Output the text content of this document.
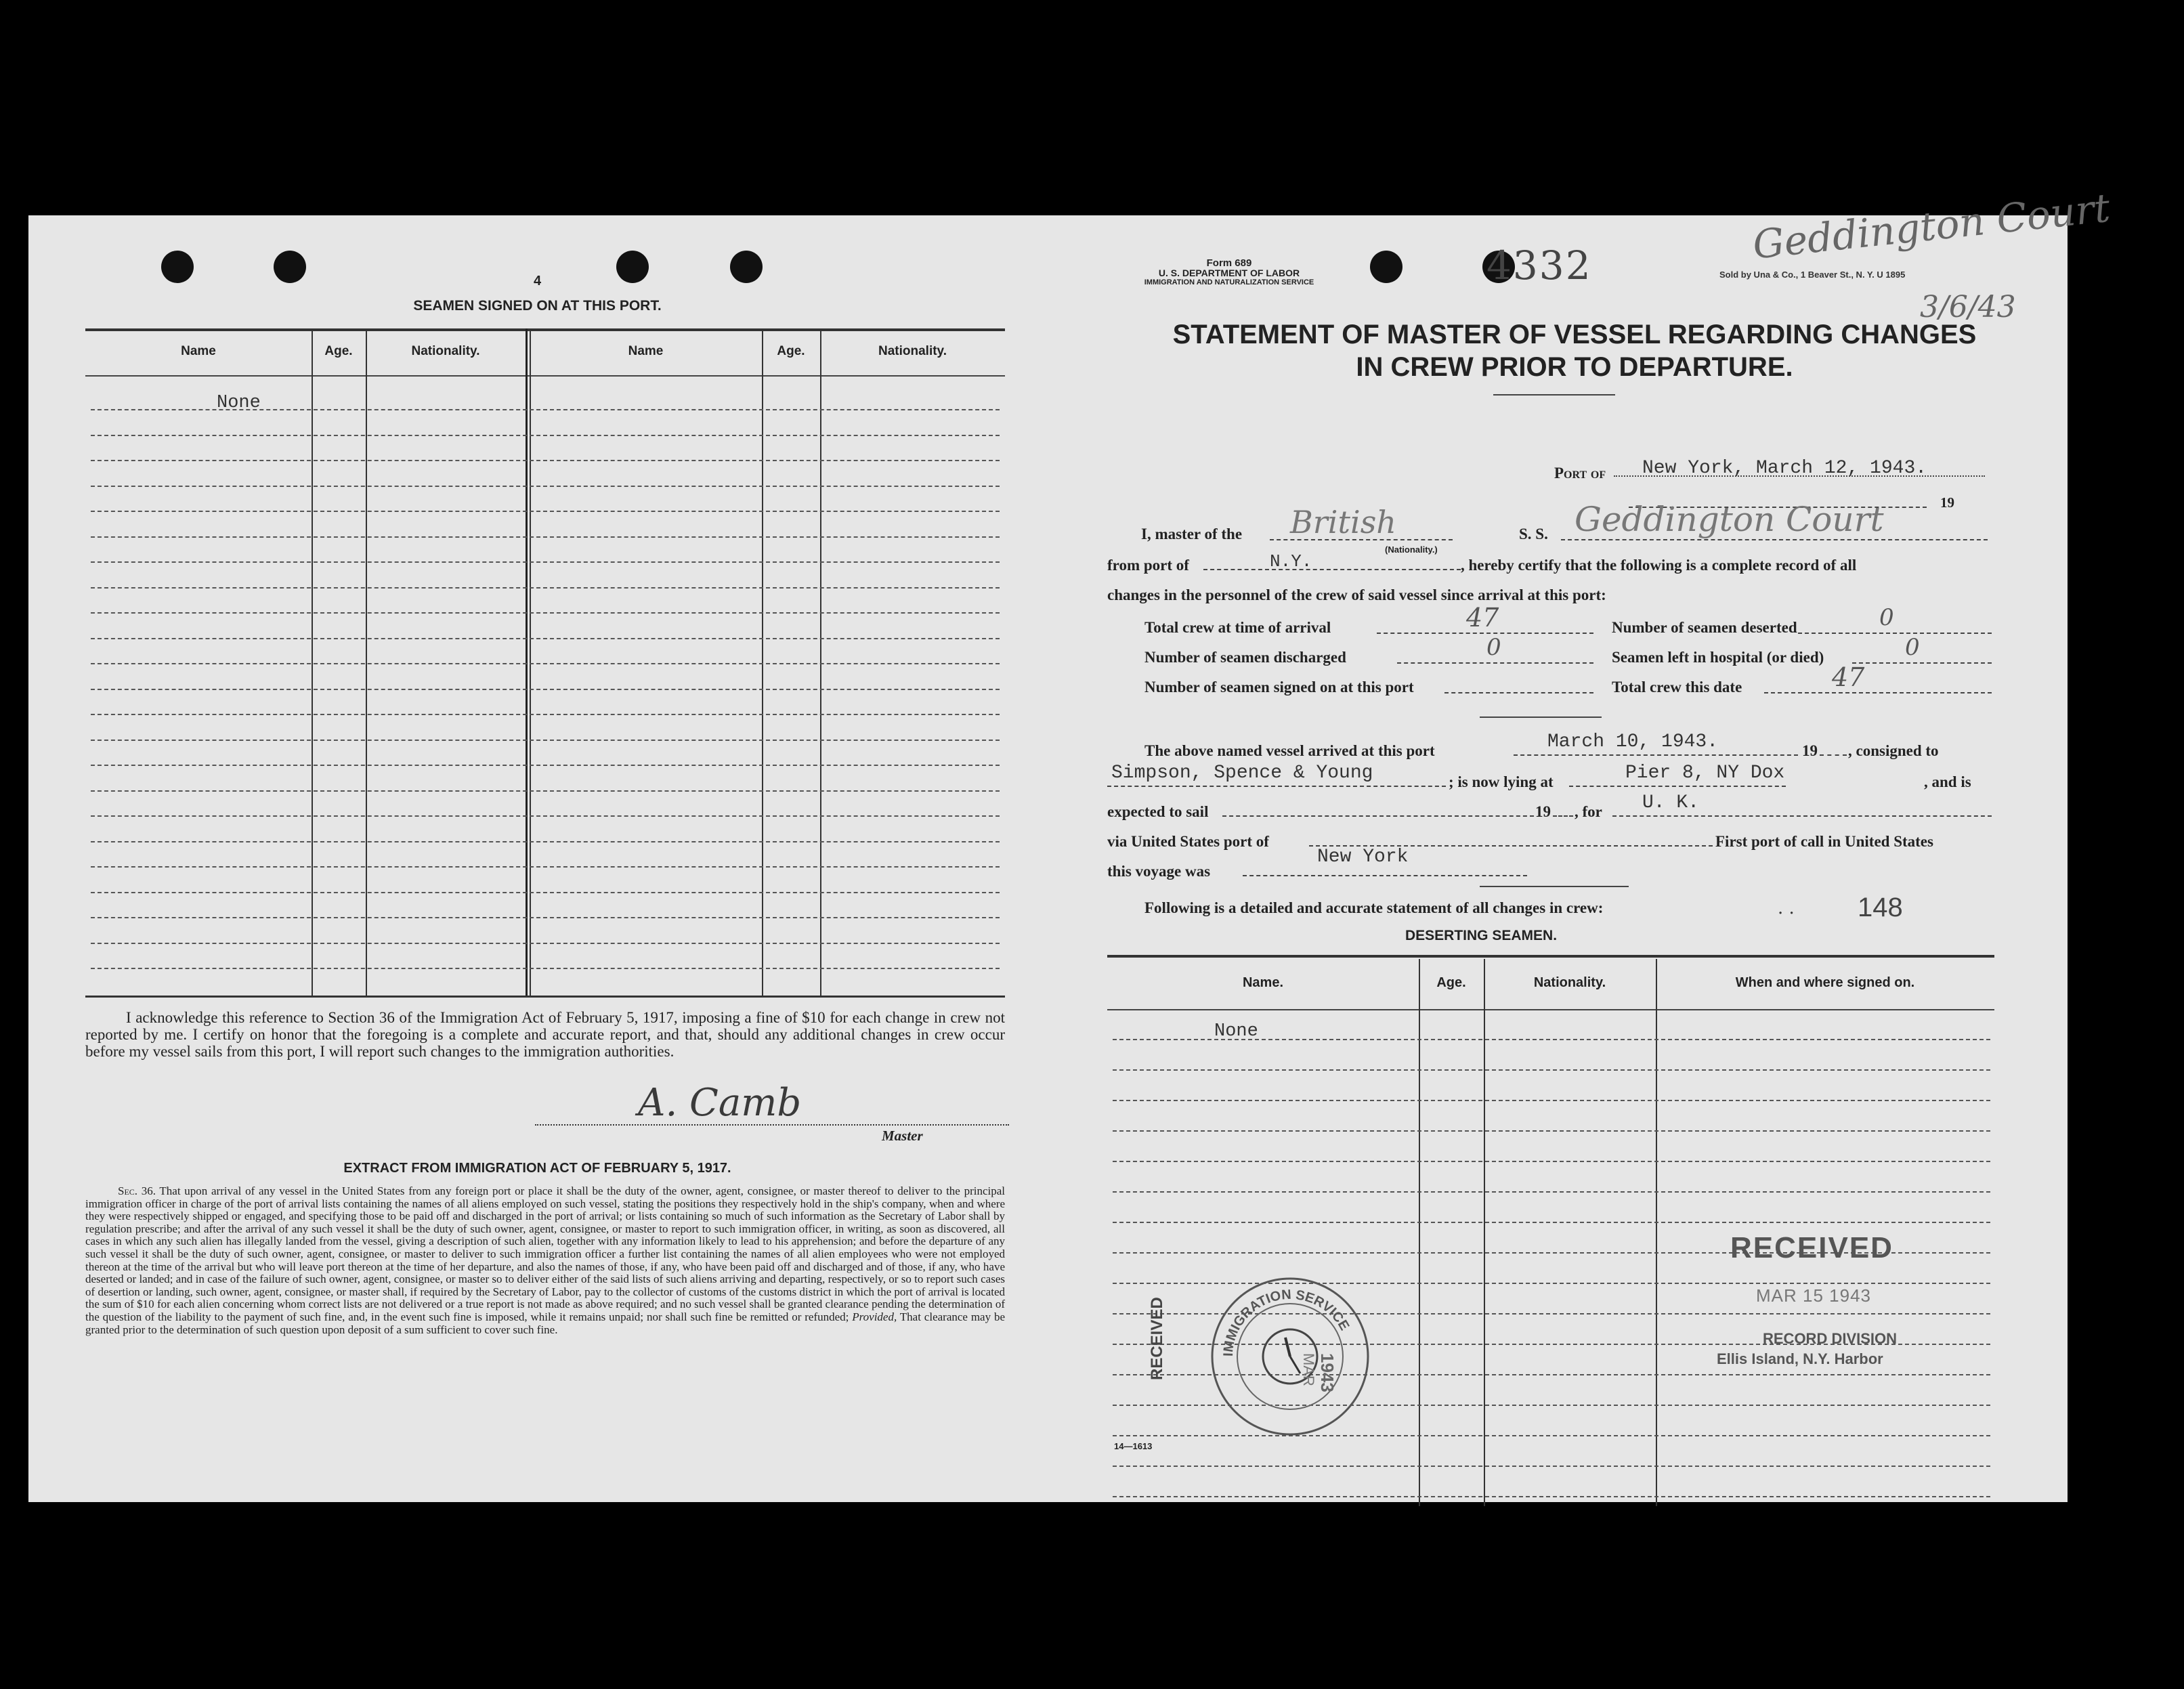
4
SEAMEN SIGNED ON AT THIS PORT.
Name	Age.	Nationality.	Name	Age.	Nationality.
None
I acknowledge this reference to Section 36 of the Immigration Act of February 5, 1917, imposing a fine of $10 for each change in crew not reported by me. I certify on honor that the foregoing is a complete and accurate report, and that, should any additional changes in crew occur before my vessel sails from this port, I will report such changes to the immigration authorities.
A. Camb
Master
EXTRACT FROM IMMIGRATION ACT OF FEBRUARY 5, 1917.
Sec. 36. That upon arrival of any vessel in the United States from any foreign port or place it shall be the duty of the owner, agent, consignee, or master thereof to deliver to the principal immigration officer in charge of the port of arrival lists containing the names of all aliens employed on such vessel, stating the positions they respectively hold in the ship's company, when and where they were respectively shipped or engaged, and specifying those to be paid off and discharged in the port of arrival; or lists containing so much of such information as the Secretary of Labor shall by regulation prescribe; and after the arrival of any such vessel it shall be the duty of such owner, agent, consignee, or master to report to such immigration officer, in writing, as soon as discovered, all cases in which any such alien has illegally landed from the vessel, giving a description of such alien, together with any information likely to lead to his apprehension; and before the departure of any such vessel it shall be the duty of such owner, agent, consignee, or master to deliver to such immigration officer a further list containing the names of all alien employees who were not employed thereon at the time of the arrival but who will leave port thereon at the time of her departure, and also the names of those, if any, who have been paid off and discharged and of those, if any, who have deserted or landed; and in case of the failure of such owner, agent, consignee, or master so to deliver either of the said lists of such aliens arriving and departing, respectively, or so to report such cases of desertion or landing, such owner, agent, consignee, or master shall, if required by the Secretary of Labor, pay to the collector of customs of the customs district in which the port of arrival is located the sum of $10 for each alien concerning whom correct lists are not delivered or a true report is not made as above required; and no such vessel shall be granted clearance pending the determination of the question of the liability to the payment of such fine, and, in the event such fine is imposed, while it remains unpaid; nor shall such fine be remitted or refunded; Provided, That clearance may be granted prior to the determination of such question upon deposit of a sum sufficient to cover such fine.
Form 689
U. S. DEPARTMENT OF LABOR
IMMIGRATION AND NATURALIZATION SERVICE	4332	Sold by Una & Co., 1 Beaver St., N. Y. U 1895
Geddington Court
3/6/43
STATEMENT OF MASTER OF VESSEL REGARDING CHANGES
IN CREW PRIOR TO DEPARTURE.
Port of New York, March 12, 1943.
19
I, master of the British
(Nationality.)
S. S. Geddington Court
from port of	N.Y.	, hereby certify that the following is a complete record of all
changes in the personnel of the crew of said vessel since arrival at this port:
Total crew at time of arrival	47
Number of seamen discharged	0
Number of seamen signed on at this port
Number of seamen deserted	0
Seamen left in hospital (or died)	0
Total crew this date	47
The above named vessel arrived at this port	March 10, 1943.	19 , consigned to
Simpson, Spence & Young	; is now lying at	Pier 8, NY Dox	, and is
expected to sail	19 , for U. K.
via United States port of	First port of call in United States
this voyage was
New York
Following is a detailed and accurate statement of all changes in crew:	· · 148
DESERTING SEAMEN.
Name.	Age.	Nationality.	When and where signed on.
None
RECEIVED
MAR 15 1943
RECORD DIVISION
Ellis Island, N.Y. Harbor
IMMIGRATION SERVICE
RECEIVED	1943
MAR
14—1613
